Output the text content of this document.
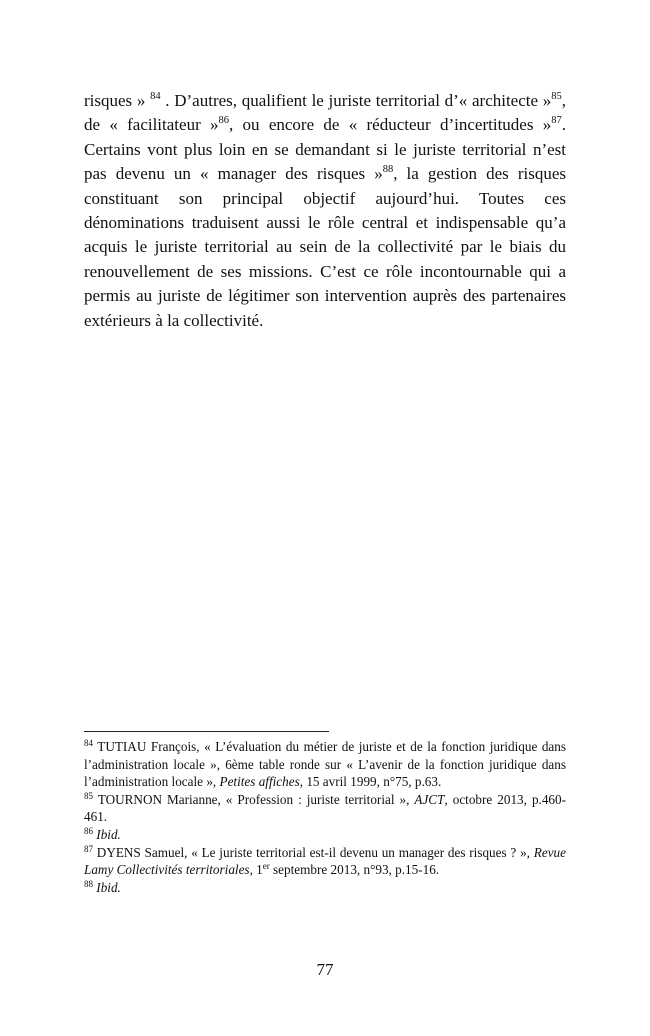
risques » $^{84}$ . D’autres, qualifient le juriste territorial d’« architecte »$^{85}$, de « facilitateur »$^{86}$, ou encore de « réducteur d’incertitudes »$^{87}$. Certains vont plus loin en se demandant si le juriste territorial n’est pas devenu un « manager des risques »$^{88}$, la gestion des risques constituant son principal objectif aujourd’hui. Toutes ces dénominations traduisent aussi le rôle central et indispensable qu’a acquis le juriste territorial au sein de la collectivité par le biais du renouvellement de ses missions. C’est ce rôle incontournable qui a permis au juriste de légitimer son intervention auprès des partenaires extérieurs à la collectivité.

$^{84}$ TUTIAU François, « L’évaluation du métier de juriste et de la fonction juridique dans l’administration locale », 6ème table ronde sur « L’avenir de la fonction juridique dans l’administration locale », Petites affiches, 15 avril 1999, n°75, p.63.

$^{85}$ TOURNON Marianne, « Profession : juriste territorial », AJCT, octobre 2013, p.460-461.

$^{86}$ Ibid.

$^{87}$ DYENS Samuel, « Le juriste territorial est-il devenu un manager des risques ? », Revue Lamy Collectivités territoriales, 1er septembre 2013, n°93, p.15-16.

$^{88}$ Ibid.

77
